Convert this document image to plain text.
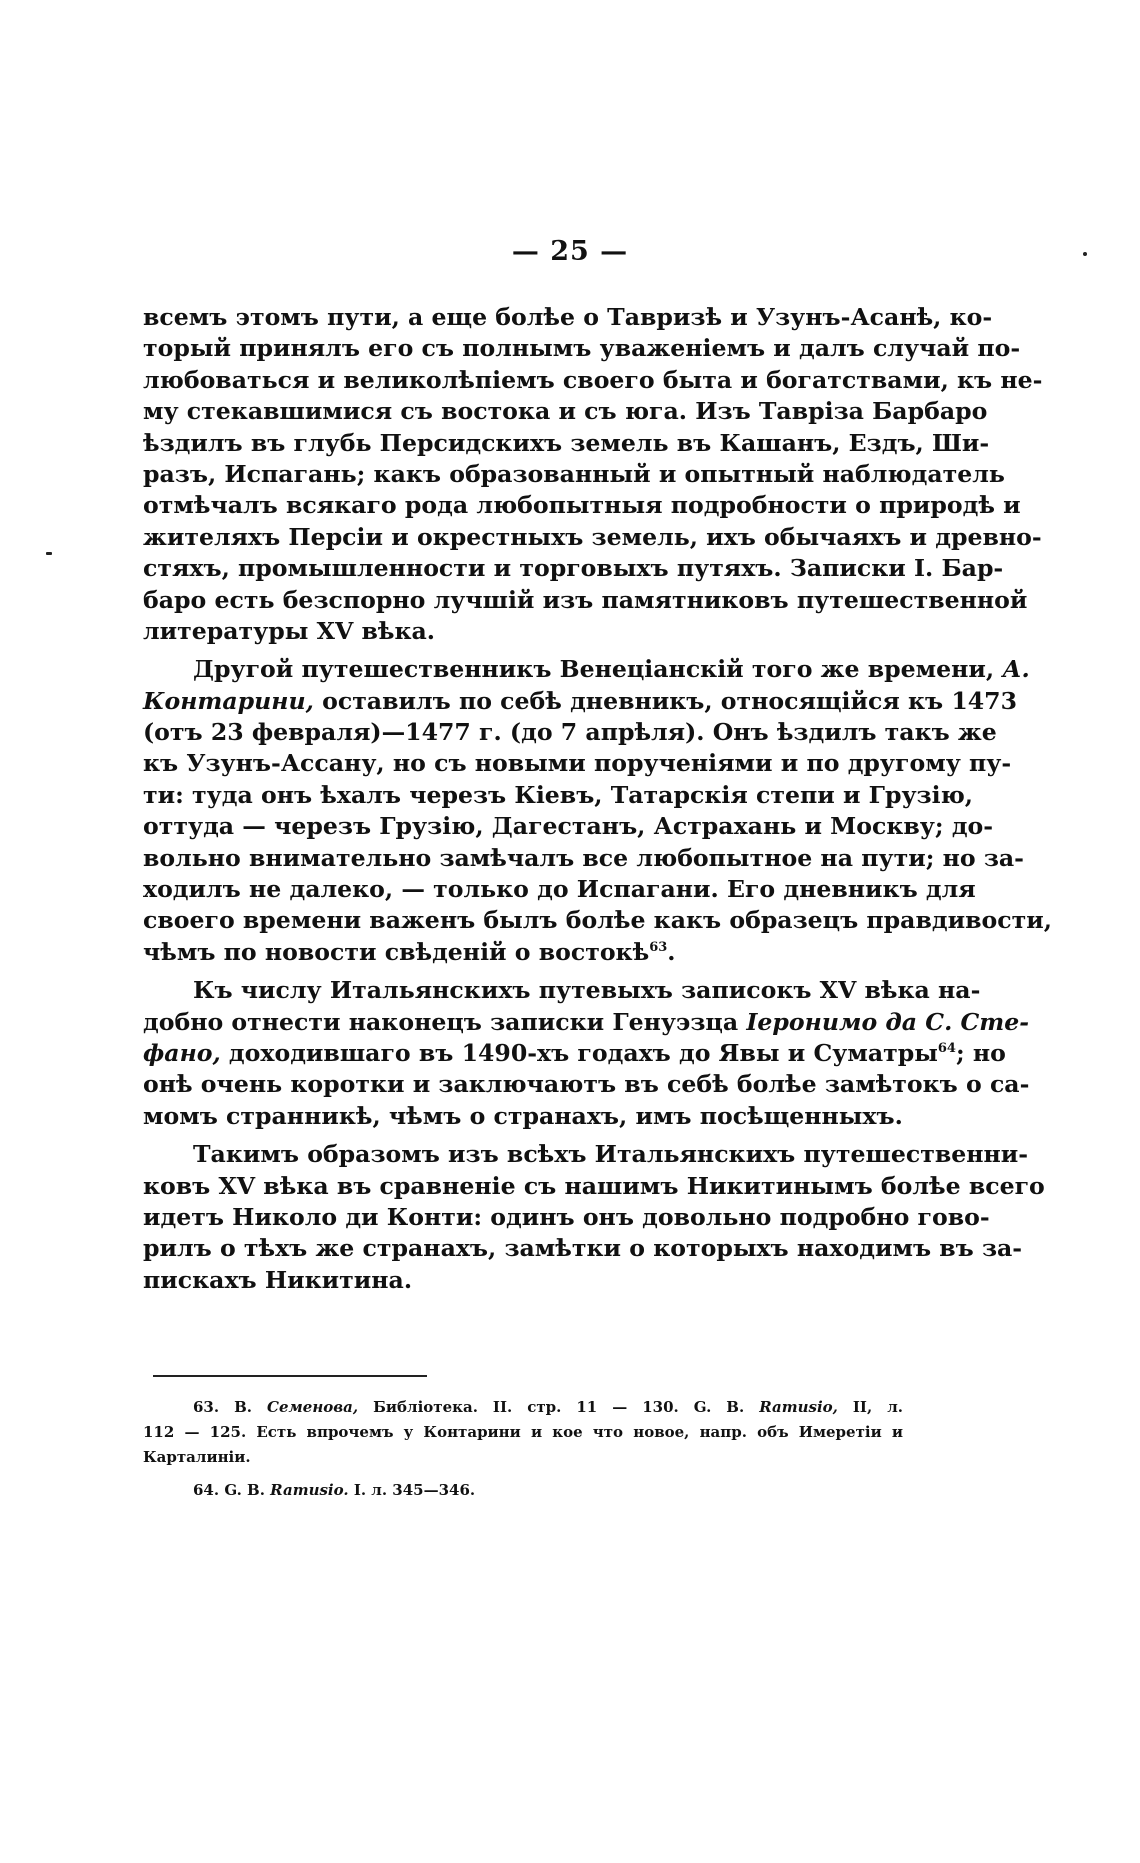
— 25 —
всемъ этомъ пути, а еще болѣе о Тавризѣ и Узунъ-Асанѣ, ко-
торый принялъ его съ полнымъ уваженіемъ и далъ случай по-
любоваться и великолѣпіемъ своего быта и богатствами, къ не-
му стекавшимися съ востока и съ юга. Изъ Тавріза Барбаро
ѣздилъ въ глубь Персидскихъ земель въ Кашанъ, Ездъ, Ши-
разъ, Испагань; какъ образованный и опытный наблюдатель
отмѣчалъ всякаго рода любопытныя подробности о природѣ и
жителяхъ Персіи и окрестныхъ земель, ихъ обычаяхъ и древно-
стяхъ, промышленности и торговыхъ путяхъ. Записки І. Бар-
баро есть безспорно лучшій изъ памятниковъ путешественной
литературы XV вѣка.
Другой путешественникъ Венеціанскій того же времени, А.
Контарини, оставилъ по себѣ дневникъ, относящійся къ 1473
(отъ 23 февраля)—1477 г. (до 7 апрѣля). Онъ ѣздилъ такъ же
къ Узунъ-Ассану, но съ новыми порученіями и по другому пу-
ти: туда онъ ѣхалъ черезъ Кіевъ, Татарскія степи и Грузію,
оттуда — черезъ Грузію, Дагестанъ, Астрахань и Москву; до-
вольно внимательно замѣчалъ все любопытное на пути; но за-
ходилъ не далеко, — только до Испагани. Его дневникъ для
своего времени важенъ былъ болѣе какъ образецъ правдивости,
чѣмъ по новости свѣденій о востокѣ$^{63}$.
Къ числу Итальянскихъ путевыхъ записокъ XV вѣка на-
добно отнести наконецъ записки Генуэзца Іеронимо да С. Сте-
фано, доходившаго въ 1490-хъ годахъ до Явы и Суматры$^{64}$; но
онѣ очень коротки и заключаютъ въ себѣ болѣе замѣтокъ о са-
момъ странникѣ, чѣмъ о странахъ, имъ посѣщенныхъ.
Такимъ образомъ изъ всѣхъ Итальянскихъ путешественни-
ковъ XV вѣка въ сравненіе съ нашимъ Никитинымъ болѣе всего
идетъ Николо ди Конти: одинъ онъ довольно подробно гово-
рилъ о тѣхъ же странахъ, замѣтки о которыхъ находимъ въ за-
пискахъ Никитина.
63. В. Семенова, Библіотека. II. стр. 11 — 130. G. B. Ramusio, II, л.
112 — 125. Есть впрочемъ у Контарини и кое что новое, напр. объ Имеретіи и
Карталиніи.
64. G. B. Ramusio. I. л. 345—346.
